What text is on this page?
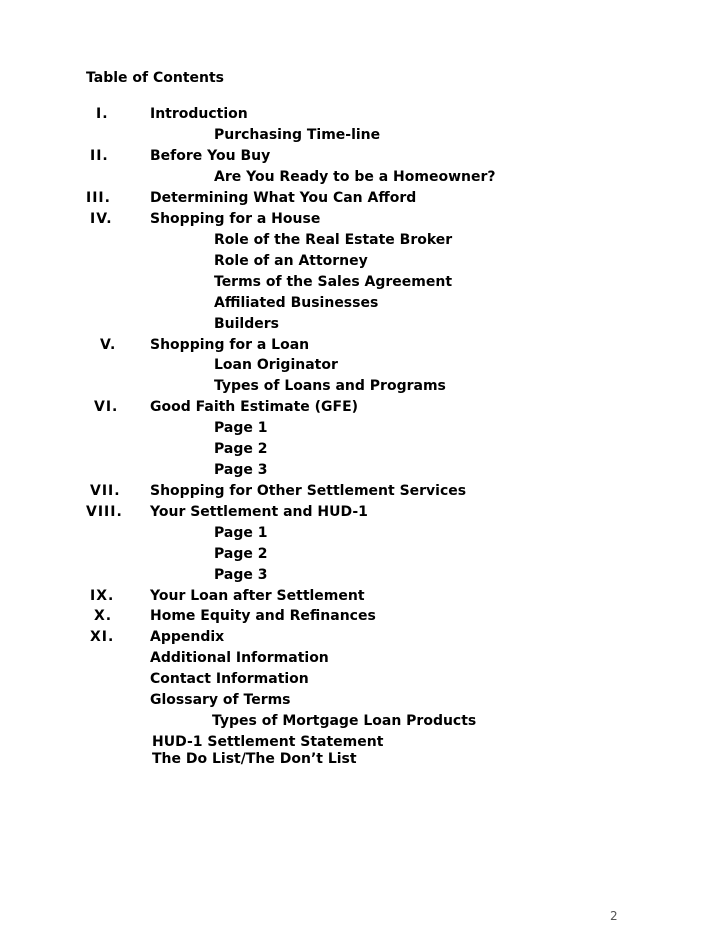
Table of Contents
I.	Introduction
Purchasing Time-line
II.	Before You Buy
Are You Ready to be a Homeowner?
III.	Determining What You Can Afford
IV.	Shopping for a House
Role of the Real Estate Broker
Role of an Attorney
Terms of the Sales Agreement
Affiliated Businesses
Builders
V. Shopping for a Loan
Loan Originator
Types of Loans and Programs
VI. Good Faith Estimate (GFE)
Page 1
Page 2
Page 3
VII. Shopping for Other Settlement Services
VIII. Your Settlement and HUD-1
Page 1
Page 2
Page 3
IX.	Your Loan after Settlement
X.	Home Equity and Refinances
XI.	Appendix
Additional Information
Contact Information
Glossary of Terms
Types of Mortgage Loan Products
HUD-1 Settlement Statement
The Do List/The Don’t List
2
